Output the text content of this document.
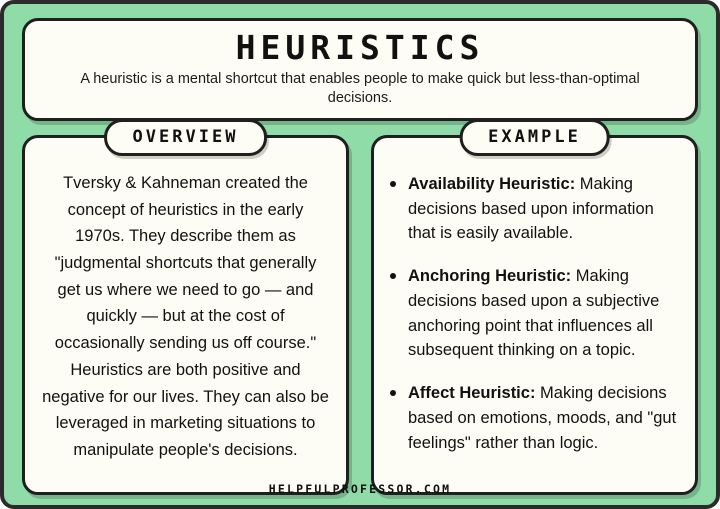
HEURISTICS
A heuristic is a mental shortcut that enables people to make quick but less-than-optimal decisions.
OVERVIEW
Tversky & Kahneman created the concept of heuristics in the early 1970s. They describe them as "judgmental shortcuts that generally get us where we need to go — and quickly — but at the cost of occasionally sending us off course." Heuristics are both positive and negative for our lives. They can also be leveraged in marketing situations to manipulate people's decisions.
EXAMPLE
Availability Heuristic: Making decisions based upon information that is easily available.
Anchoring Heuristic: Making decisions based upon a subjective anchoring point that influences all subsequent thinking on a topic.
Affect Heuristic: Making decisions based on emotions, moods, and "gut feelings" rather than logic.
HELPFULPROFESSOR.COM
